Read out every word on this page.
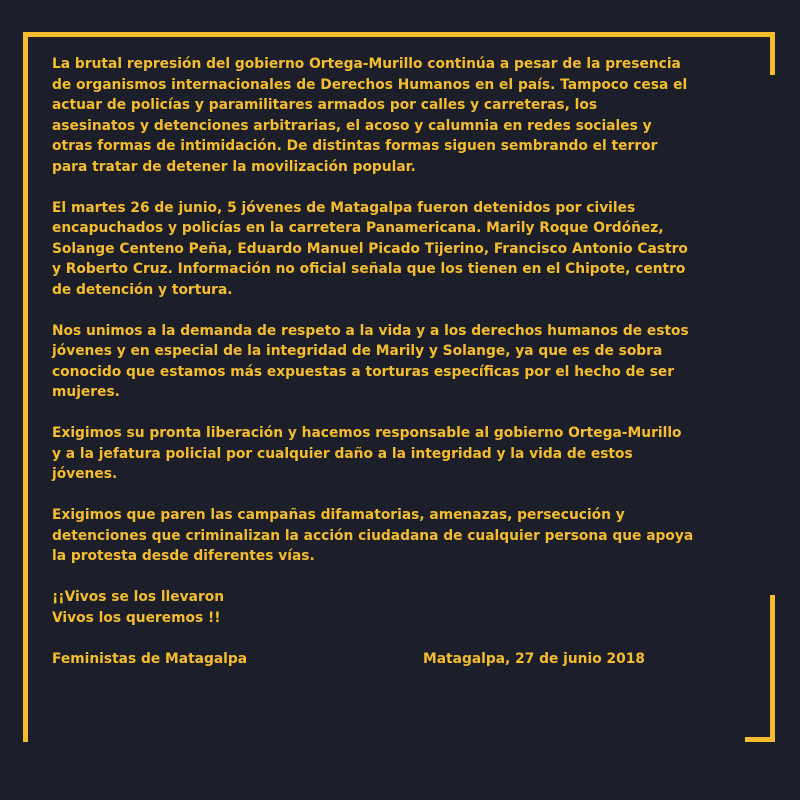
La brutal represión del gobierno Ortega-Murillo continúa a pesar de la presencia
de organismos internacionales de Derechos Humanos en el país. Tampoco cesa el
actuar de policías y paramilitares armados por calles y carreteras, los
asesinatos y detenciones arbitrarias, el acoso y calumnia en redes sociales y
otras formas de intimidación. De distintas formas siguen sembrando el terror
para tratar de detener la movilización popular.

El martes 26 de junio, 5 jóvenes de Matagalpa fueron detenidos por civiles
encapuchados y policías en la carretera Panamericana. Marily Roque Ordóñez,
Solange Centeno Peña, Eduardo Manuel Picado Tijerino, Francisco Antonio Castro
y Roberto Cruz. Información no oficial señala que los tienen en el Chipote, centro
de detención y tortura.

Nos unimos a la demanda de respeto a la vida y a los derechos humanos de estos
jóvenes y en especial de la integridad de Marily y Solange, ya que es de sobra
conocido que estamos más expuestas a torturas específicas por el hecho de ser
mujeres.

Exigimos su pronta liberación y hacemos responsable al gobierno Ortega-Murillo
y a la jefatura policial por cualquier daño a la integridad y la vida de estos
jóvenes.

Exigimos que paren las campañas difamatorias, amenazas, persecución y
detenciones que criminalizan la acción ciudadana de cualquier persona que apoya
la protesta desde diferentes vías.

¡¡Vivos se los llevaron
Vivos los queremos !!

Feministas de Matagalpa	Matagalpa, 27 de junio 2018
